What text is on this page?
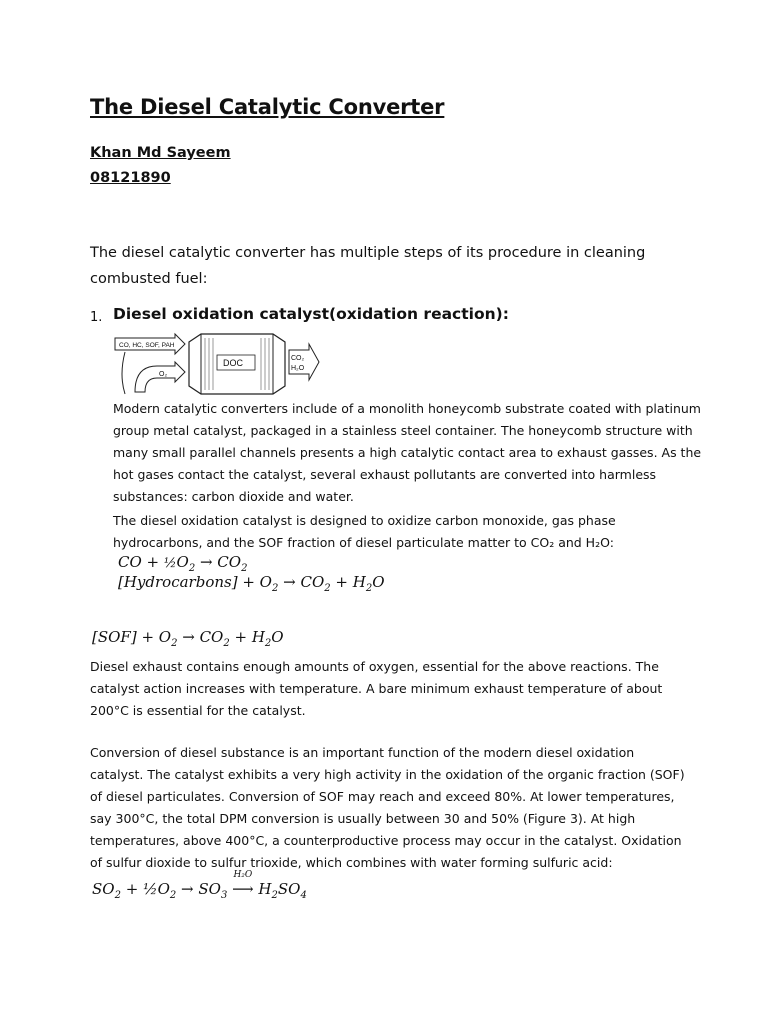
The Diesel Catalytic Converter
Khan Md Sayeem
08121890

The diesel catalytic converter has multiple steps of its procedure in cleaning combusted fuel:

1. Diesel oxidation catalyst(oxidation reaction):
CO, HC, SOF, PAH
O₂
DOC	CO₂
H₂O

Modern catalytic converters include of a monolith honeycomb substrate coated with platinum group metal catalyst, packaged in a stainless steel container. The honeycomb structure with many small parallel channels presents a high catalytic contact area to exhaust gasses. As the hot gases contact the catalyst, several exhaust pollutants are converted into harmless substances: carbon dioxide and water.

The diesel oxidation catalyst is designed to oxidize carbon monoxide, gas phase hydrocarbons, and the SOF fraction of diesel particulate matter to CO₂ and H₂O:

CO + $\frac{1}{2}O_2 \to CO_2$
[Hydrocarbons] + $O_2 \to CO_2 + H_2O$
$[SOF] + O_2 \to CO_2 + H_2O$

Diesel exhaust contains enough amounts of oxygen, essential for the above reactions. The catalyst action increases with temperature. A bare minimum exhaust temperature of about 200°C is essential for the catalyst.

Conversion of diesel substance is an important function of the modern diesel oxidation catalyst. The catalyst exhibits a very high activity in the oxidation of the organic fraction (SOF) of diesel particulates. Conversion of SOF may reach and exceed 80%. At lower temperatures, say 300°C, the total DPM conversion is usually between 30 and 50% (Figure 3). At high temperatures, above 400°C, a counterproductive process may occur in the catalyst. Oxidation of sulfur dioxide to sulfur trioxide, which combines with water forming sulfuric acid:

$SO_2$ + $\frac{1}{2}O_2 \to SO_3$
H₂O
⟶ $H_2SO_4$
